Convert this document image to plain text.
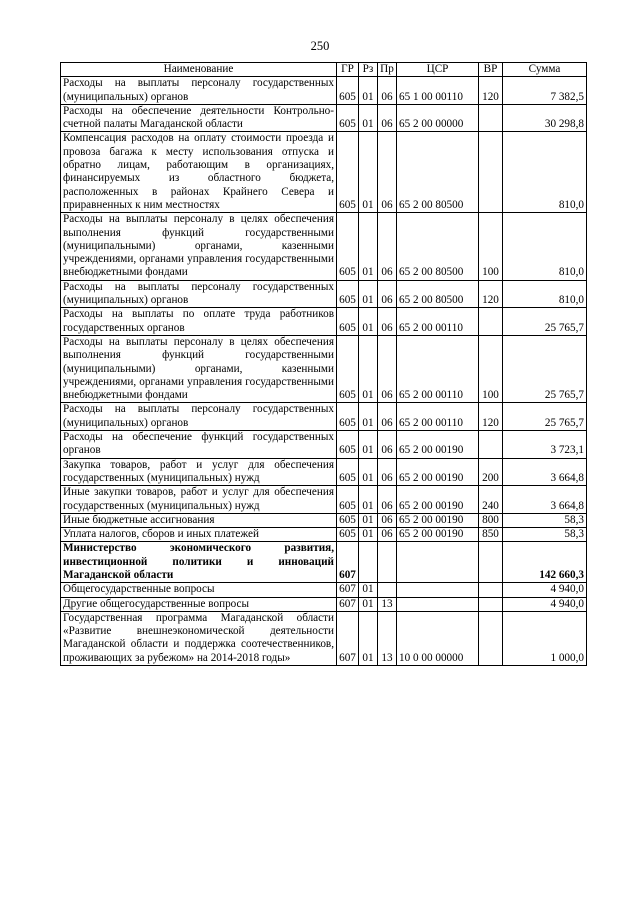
250
Наименование	ГР	Рз	Пр	ЦСР	ВР	Сумма
Расходы на выплаты персоналу государственных (муниципальных) органов	605	01	06	65 1 00 00110	120	7 382,5
Расходы на обеспечение деятельности Контрольно-счетной палаты Магаданской области	605	01	06	65 2 00 00000		30 298,8
Компенсация расходов на оплату стоимости проезда и провоза багажа к месту использования отпуска и обратно лицам, работающим в организациях, финансируемых из областного бюджета, расположенных в районах Крайнего Севера и приравненных к ним местностях	605	01	06	65 2 00 80500		810,0
Расходы на выплаты персоналу в целях обеспечения выполнения функций государственными (муниципальными) органами, казенными учреждениями, органами управления государственными внебюджетными фондами	605	01	06	65 2 00 80500	100	810,0
Расходы на выплаты персоналу государственных (муниципальных) органов	605	01	06	65 2 00 80500	120	810,0
Расходы на выплаты по оплате труда работников государственных органов	605	01	06	65 2 00 00110		25 765,7
Расходы на выплаты персоналу в целях обеспечения выполнения функций государственными (муниципальными) органами, казенными учреждениями, органами управления государственными внебюджетными фондами	605	01	06	65 2 00 00110	100	25 765,7
Расходы на выплаты персоналу государственных (муниципальных) органов	605	01	06	65 2 00 00110	120	25 765,7
Расходы на обеспечение функций государственных органов	605	01	06	65 2 00 00190		3 723,1
Закупка товаров, работ и услуг для обеспечения государственных (муниципальных) нужд	605	01	06	65 2 00 00190	200	3 664,8
Иные закупки товаров, работ и услуг для обеспечения государственных (муниципальных) нужд	605	01	06	65 2 00 00190	240	3 664,8
Иные бюджетные ассигнования	605	01	06	65 2 00 00190	800	58,3
Уплата налогов, сборов и иных платежей	605	01	06	65 2 00 00190	850	58,3
Министерство экономического развития, инвестиционной политики и инноваций Магаданской области	607					142 660,3
Общегосударственные вопросы	607	01				4 940,0
Другие общегосударственные вопросы	607	01	13			4 940,0
Государственная программа Магаданской области «Развитие внешнеэкономической деятельности Магаданской области и поддержка соотечественников, проживающих за рубежом» на 2014-2018 годы»	607	01	13	10 0 00 00000		1 000,0
